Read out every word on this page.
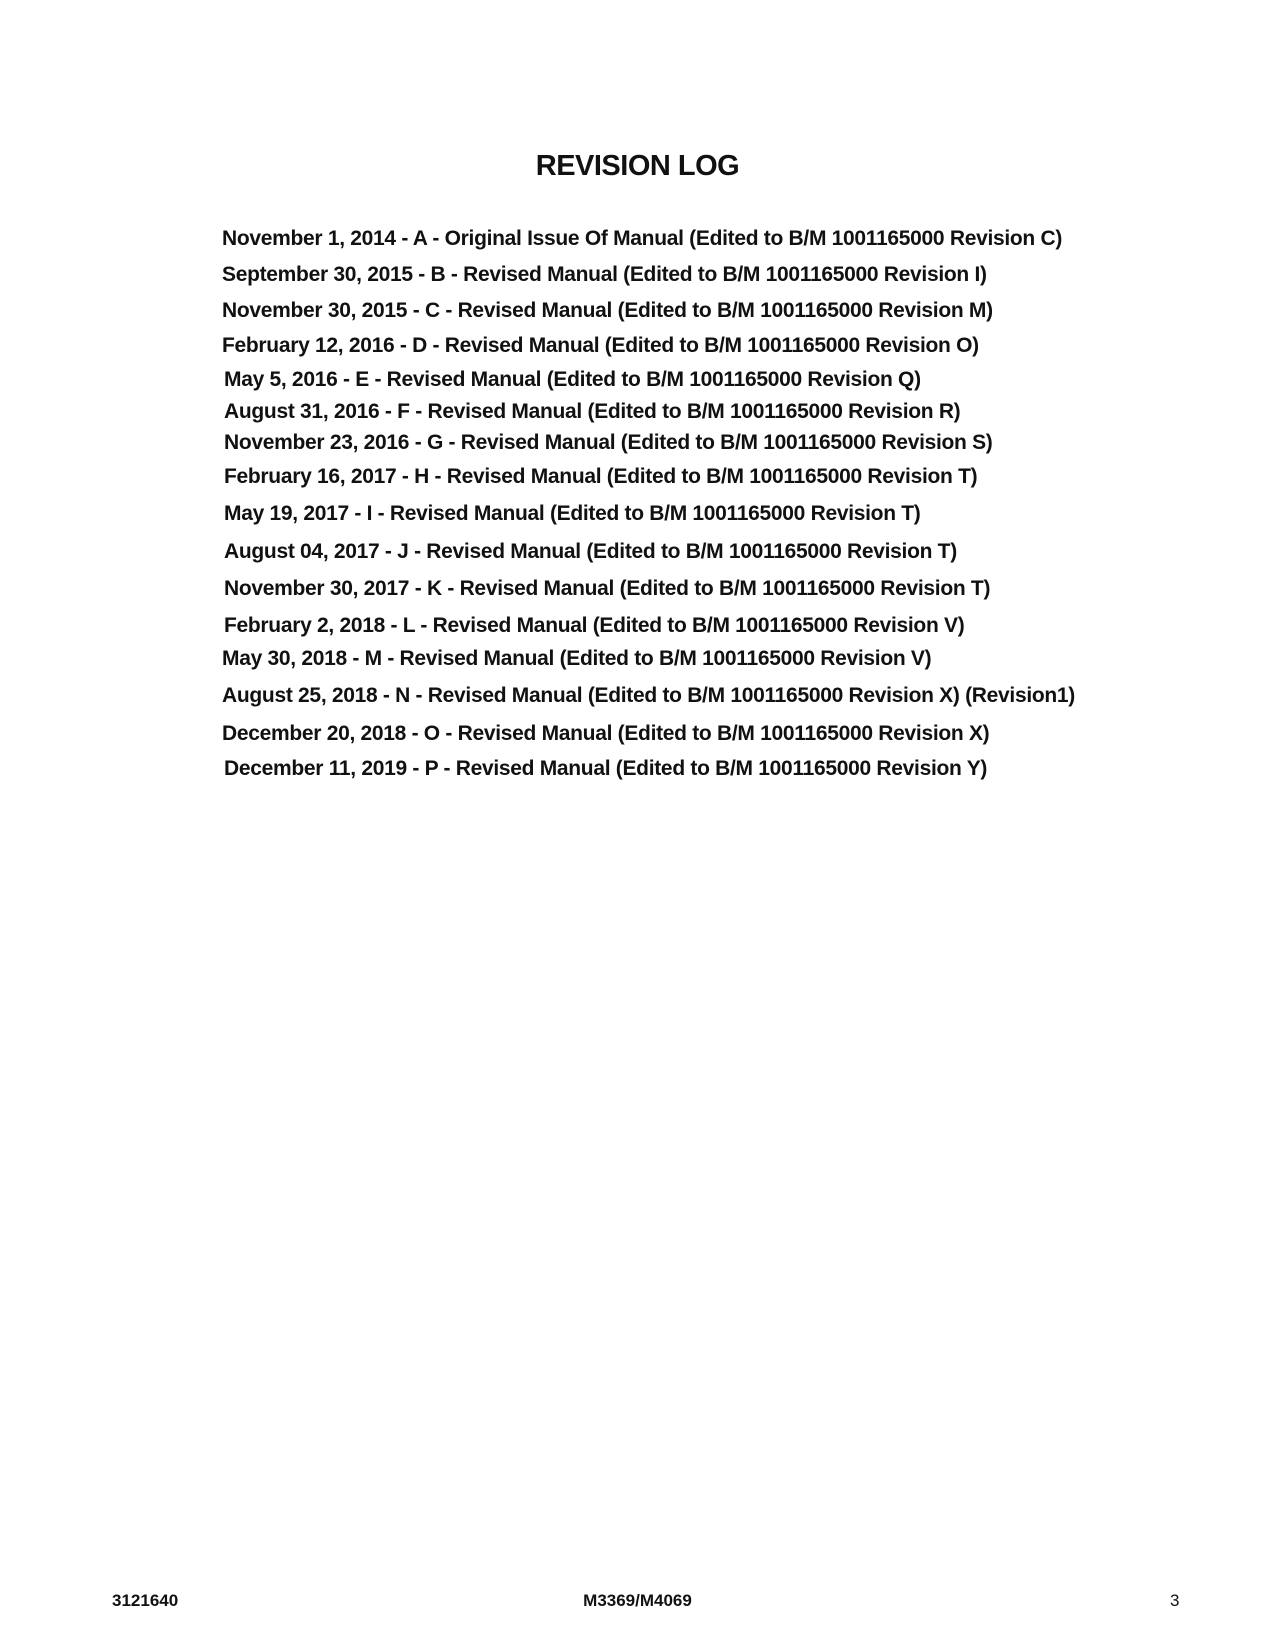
REVISION LOG
November 1, 2014 - A - Original Issue Of Manual (Edited to B/M 1001165000 Revision C)
September 30, 2015 - B - Revised Manual (Edited to B/M 1001165000 Revision I)
November 30, 2015 - C - Revised Manual (Edited to B/M 1001165000 Revision M)
February 12, 2016 - D - Revised Manual (Edited to B/M 1001165000 Revision O)
May 5, 2016 - E - Revised Manual (Edited to B/M 1001165000 Revision Q)
August 31, 2016 - F - Revised Manual (Edited to B/M 1001165000 Revision R)
November 23, 2016 - G - Revised Manual (Edited to B/M 1001165000 Revision S)
February 16, 2017 - H - Revised Manual (Edited to B/M 1001165000 Revision T)
May 19, 2017 - I - Revised Manual (Edited to B/M 1001165000 Revision T)
August 04, 2017 - J - Revised Manual (Edited to B/M 1001165000 Revision T)
November 30, 2017 - K - Revised Manual (Edited to B/M 1001165000 Revision T)
February 2, 2018 - L - Revised Manual (Edited to B/M 1001165000 Revision V)
May 30, 2018 - M - Revised Manual (Edited to B/M 1001165000 Revision V)
August 25, 2018 - N - Revised Manual (Edited to B/M 1001165000 Revision X) (Revision1)
December 20, 2018 - O - Revised Manual (Edited to B/M 1001165000 Revision X)
December 11, 2019 - P - Revised Manual (Edited to B/M 1001165000 Revision Y)
3121640	M3369/M4069	3
